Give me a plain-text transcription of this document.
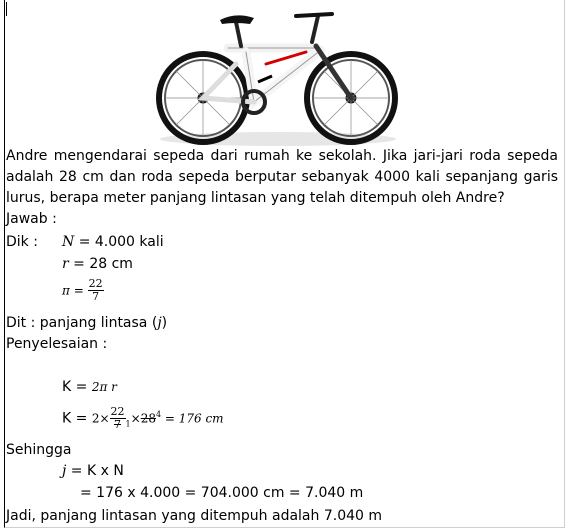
Andre mengendarai sepeda dari rumah ke sekolah. Jika jari-jari roda sepeda adalah 28 cm dan roda sepeda berputar sebanyak 4000 kali sepanjang garis lurus, berapa meter panjang lintasan yang telah ditempuh oleh Andre?
Jawab :
Dik : N = 4.000 kali
r = 28 cm
$\pi = \frac{22}{7}$
Dit : panjang lintasa (j)
Penyelesaian :
K = 2π r
$K = 2\times \frac{22}{7} _1\times 28^4 = 176$ cm
Sehingga
j = K x N
= 176 x 4.000 = 704.000 cm = 7.040 m
Jadi, panjang lintasan yang ditempuh adalah 7.040 m
